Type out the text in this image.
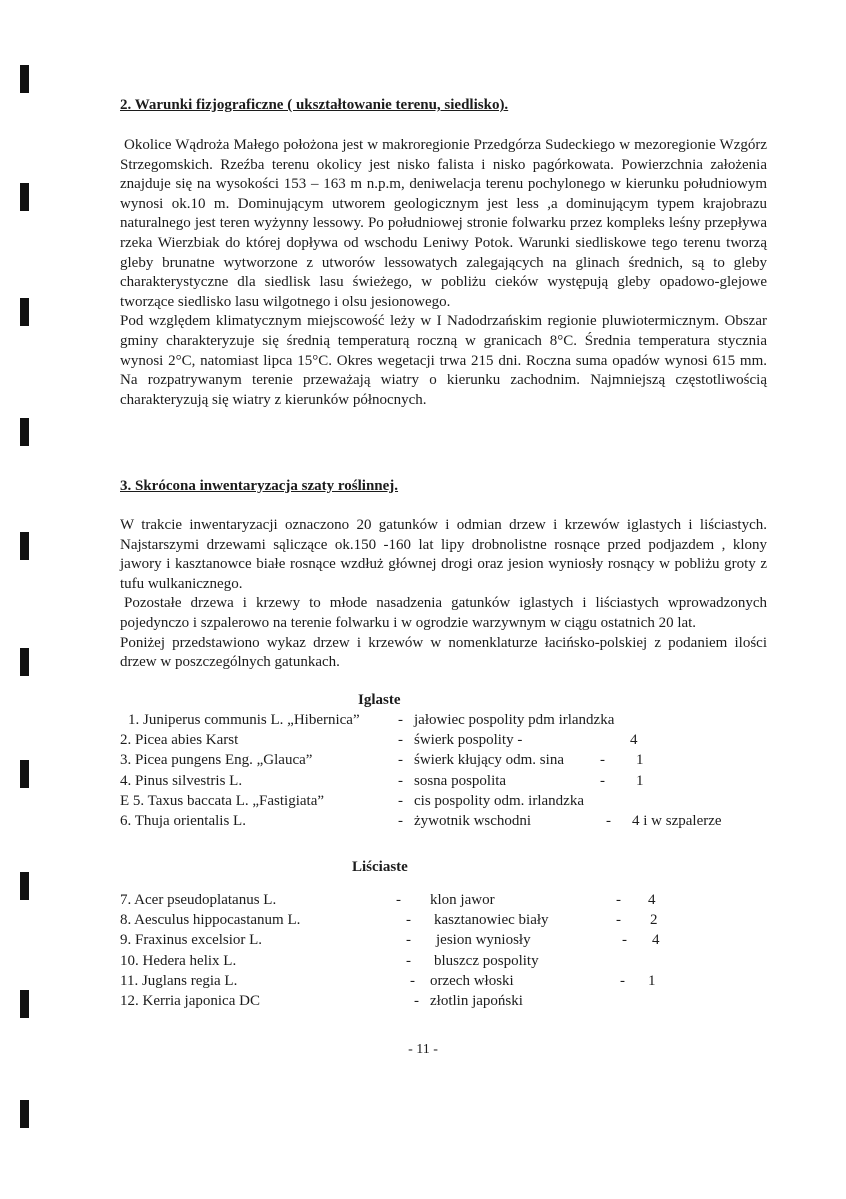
2. Warunki fizjograficzne ( ukształtowanie terenu, siedlisko).

Okolice Wądroża Małego położona jest w makroregionie Przedgórza Sudeckiego w mezoregionie Wzgórz Strzegomskich. Rzeźba terenu okolicy jest nisko falista i nisko pagórkowata. Powierzchnia założenia znajduje się na wysokości 153 – 163 m n.p.m, deniwelacja terenu pochylonego w kierunku południowym wynosi ok.10 m. Dominującym utworem geologicznym jest less ,a dominującym typem krajobrazu naturalnego jest teren wyżynny lessowy. Po południowej stronie folwarku przez kompleks leśny przepływa rzeka Wierzbiak do której dopływa od wschodu Leniwy Potok. Warunki siedliskowe tego terenu tworzą gleby brunatne wytworzone z utworów lessowatych zalegających na glinach średnich, są to gleby charakterystyczne dla siedlisk lasu świeżego, w pobliżu cieków występują gleby opadowo-glejowe tworzące siedlisko lasu wilgotnego i olsu jesionowego.

Pod względem klimatycznym miejscowość leży w I Nadodrzańskim regionie pluwiotermicznym. Obszar gminy charakteryzuje się średnią temperaturą roczną w granicach 8°C. Średnia temperatura stycznia wynosi 2°C, natomiast lipca 15°C. Okres wegetacji trwa 215 dni. Roczna suma opadów wynosi 615 mm. Na rozpatrywanym terenie przeważają wiatry o kierunku zachodnim. Najmniejszą częstotliwością charakteryzują się wiatry z kierunków północnych.

3. Skrócona inwentaryzacja szaty roślinnej.

W trakcie inwentaryzacji oznaczono 20 gatunków i odmian drzew i krzewów iglastych i liściastych. Najstarszymi drzewami sąliczące ok.150 -160 lat lipy drobnolistne rosnące przed podjazdem , klony jawory i kasztanowce białe rosnące wzdłuż głównej drogi oraz jesion wyniosły rosnący w pobliżu groty z tufu wulkanicznego.

Pozostałe drzewa i krzewy to młode nasadzenia gatunków iglastych i liściastych wprowadzonych pojedynczo i szpalerowo na terenie folwarku i w ogrodzie warzywnym w ciągu ostatnich 20 lat.

Poniżej przedstawiono wykaz drzew i krzewów w nomenklaturze łacińsko-polskiej z podaniem ilości drzew w poszczególnych gatunkach.

Iglaste
1. Juniperus communis L. „Hibernica”	- jałowiec pospolity pdm irlandzka
2. Picea abies Karst	- świerk pospolity -	4
3. Picea pungens Eng. „Glauca”	- świerk kłujący odm. sina - 1
4. Pinus silvestris L.	- sosna pospolita	- 1
E 5. Taxus baccata L. „Fastigiata”	- cis pospolity odm. irlandzka
6. Thuja orientalis L.	- żywotnik wschodni	- 4 i w szpalerze
Liściaste
7. Acer pseudoplatanus L.	- klon jawor	- 4
8. Aesculus hippocastanum L.	- kasztanowiec biały	- 2
9. Fraxinus excelsior L.	- jesion wyniosły	- 4
10. Hedera helix L.	- bluszcz pospolity
11. Juglans regia L.	- orzech włoski	- 1
12. Kerria japonica DC	- złotlin japoński
- 11 -
